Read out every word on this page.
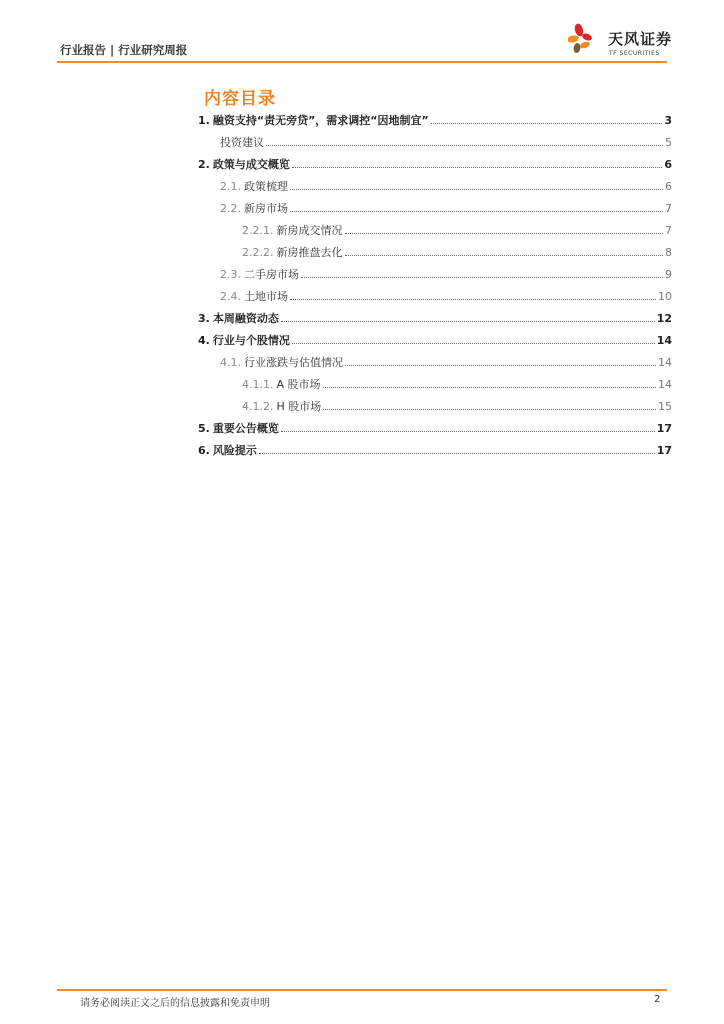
行业报告 | 行业研究周报
天风证券
TF SECURITIES
内容目录
1. 融资支持“责无旁贷”，需求调控“因地制宜”	3
投资建议	5
2. 政策与成交概览	6
2.1. 政策梳理	6
2.2. 新房市场	7
2.2.1. 新房成交情况	7
2.2.2. 新房推盘去化	8
2.3. 二手房市场	9
2.4. 土地市场	10
3. 本周融资动态	12
4. 行业与个股情况	14
4.1. 行业涨跌与估值情况	14
4.1.1. A 股市场	14
4.1.2. H 股市场	15
5. 重要公告概览	17
6. 风险提示	17
请务必阅读正文之后的信息披露和免责申明	2
